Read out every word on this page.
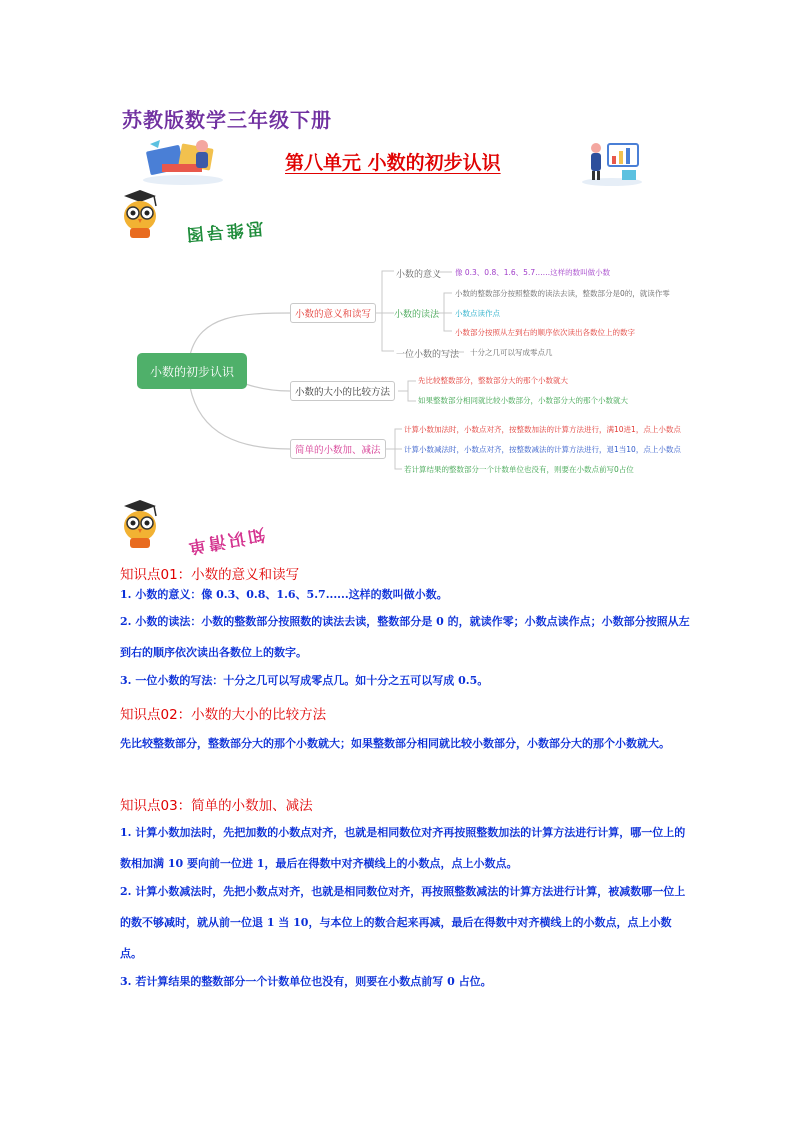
苏教版数学三年级下册
第八单元 小数的初步认识
思维导图
小数的初步认识
小数的意义和读写
小数的意义 像 0.3、0.8、1.6、5.7……这样的数叫做小数
小数的读法
小数的整数部分按照整数的读法去读，整数部分是0的，就读作零
小数点读作点
小数部分按照从左到右的顺序依次读出各数位上的数字
一位小数的写法 十分之几可以写成零点几
小数的大小的比较方法
先比较整数部分，整数部分大的那个小数就大
如果整数部分相同就比较小数部分，小数部分大的那个小数就大
简单的小数加、减法
计算小数加法时，小数点对齐，按整数加法的计算方法进行，满10进1，点上小数点
计算小数减法时，小数点对齐，按整数减法的计算方法进行，退1当10，点上小数点
若计算结果的整数部分一个计数单位也没有，则要在小数点前写0占位
知识清单
知识点01：小数的意义和读写
1. 小数的意义：像 0.3、0.8、1.6、5.7......这样的数叫做小数。
2. 小数的读法：小数的整数部分按照数的读法去读，整数部分是 0 的，就读作零；小数点读作点；小数部分按照从左到右的顺序依次读出各数位上的数字。
3. 一位小数的写法：十分之几可以写成零点几。如十分之五可以写成 0.5。
知识点02：小数的大小的比较方法
先比较整数部分，整数部分大的那个小数就大；如果整数部分相同就比较小数部分，小数部分大的那个小数就大。
知识点03：简单的小数加、减法
1. 计算小数加法时，先把加数的小数点对齐，也就是相同数位对齐再按照整数加法的计算方法进行计算，哪一位上的数相加满 10 要向前一位进 1，最后在得数中对齐横线上的小数点，点上小数点。
2. 计算小数减法时，先把小数点对齐，也就是相同数位对齐，再按照整数减法的计算方法进行计算，被减数哪一位上的数不够减时，就从前一位退 1 当 10，与本位上的数合起来再减，最后在得数中对齐横线上的小数点，点上小数点。
3. 若计算结果的整数部分一个计数单位也没有，则要在小数点前写 0 占位。
